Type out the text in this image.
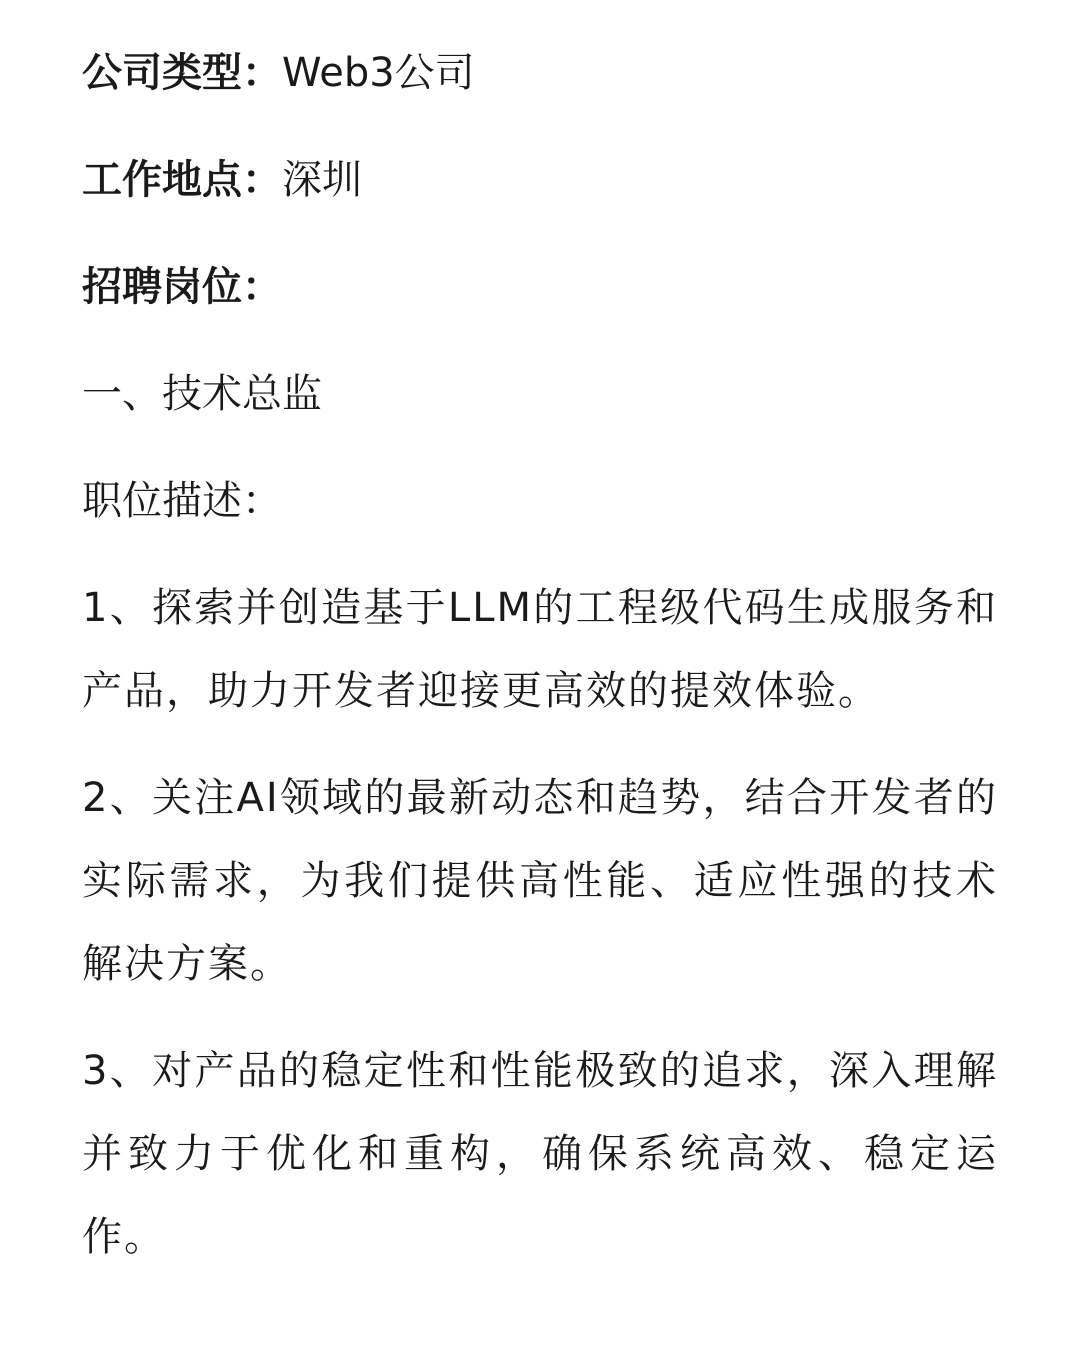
公司类型：Web3公司

工作地点：深圳

招聘岗位：

一、技术总监

职位描述：

1、探索并创造基于LLM的工程级代码生成服务和产品，助力开发者迎接更高效的提效体验。

2、关注AI领域的最新动态和趋势，结合开发者的实际需求，为我们提供高性能、适应性强的技术解决方案。

3、对产品的稳定性和性能极致的追求，深入理解并致力于优化和重构，确保系统高效、稳定运作。
